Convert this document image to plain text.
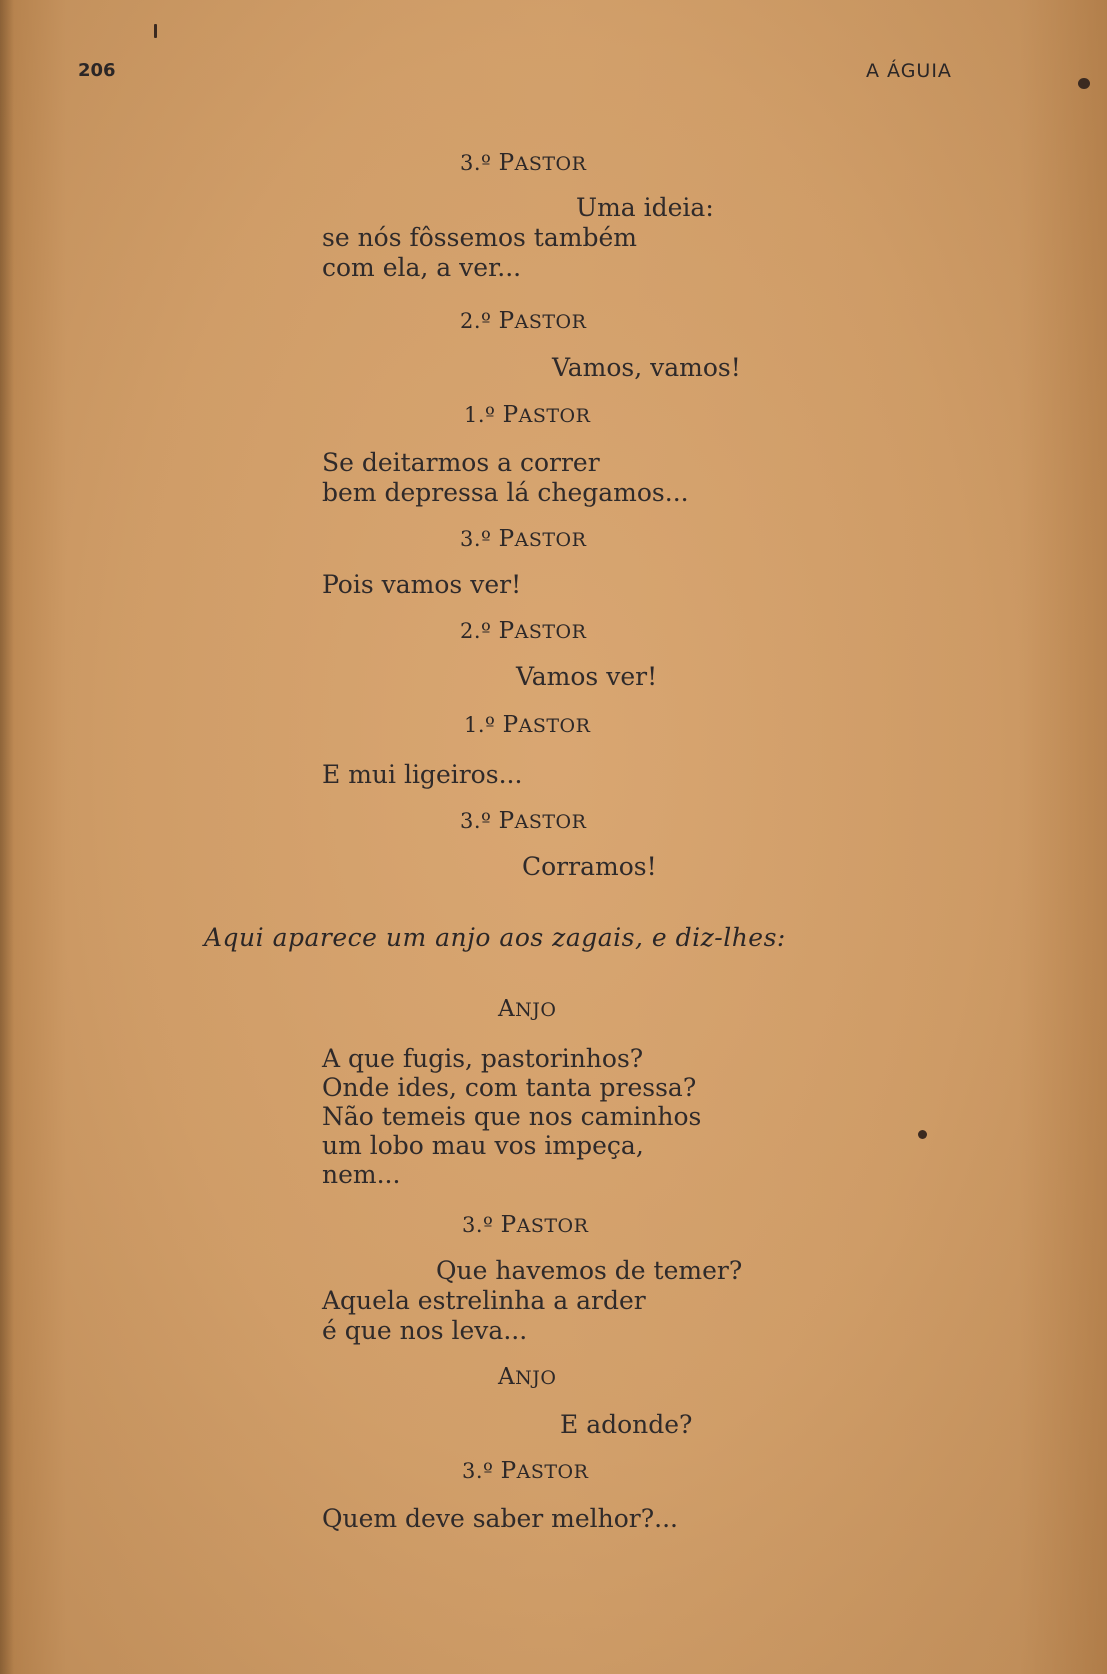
206	A ÁGUIA
3.º PASTOR
Uma ideia:
se nós fôssemos também
com ela, a ver...
2.º PASTOR
Vamos, vamos!
1.º PASTOR
Se deitarmos a correr
bem depressa lá chegamos...
3.º PASTOR
Pois vamos ver!
2.º PASTOR
Vamos ver!
1.º PASTOR
E mui ligeiros...
3.º PASTOR
Corramos!
Aqui aparece um anjo aos zagais, e diz-lhes:
ANJO
A que fugis, pastorinhos?
Onde ides, com tanta pressa?
Não temeis que nos caminhos
um lobo mau vos impeça,
nem...
3.º PASTOR
Que havemos de temer?
Aquela estrelinha a arder
é que nos leva...
ANJO
E adonde?
3.º PASTOR
Quem deve saber melhor?...
